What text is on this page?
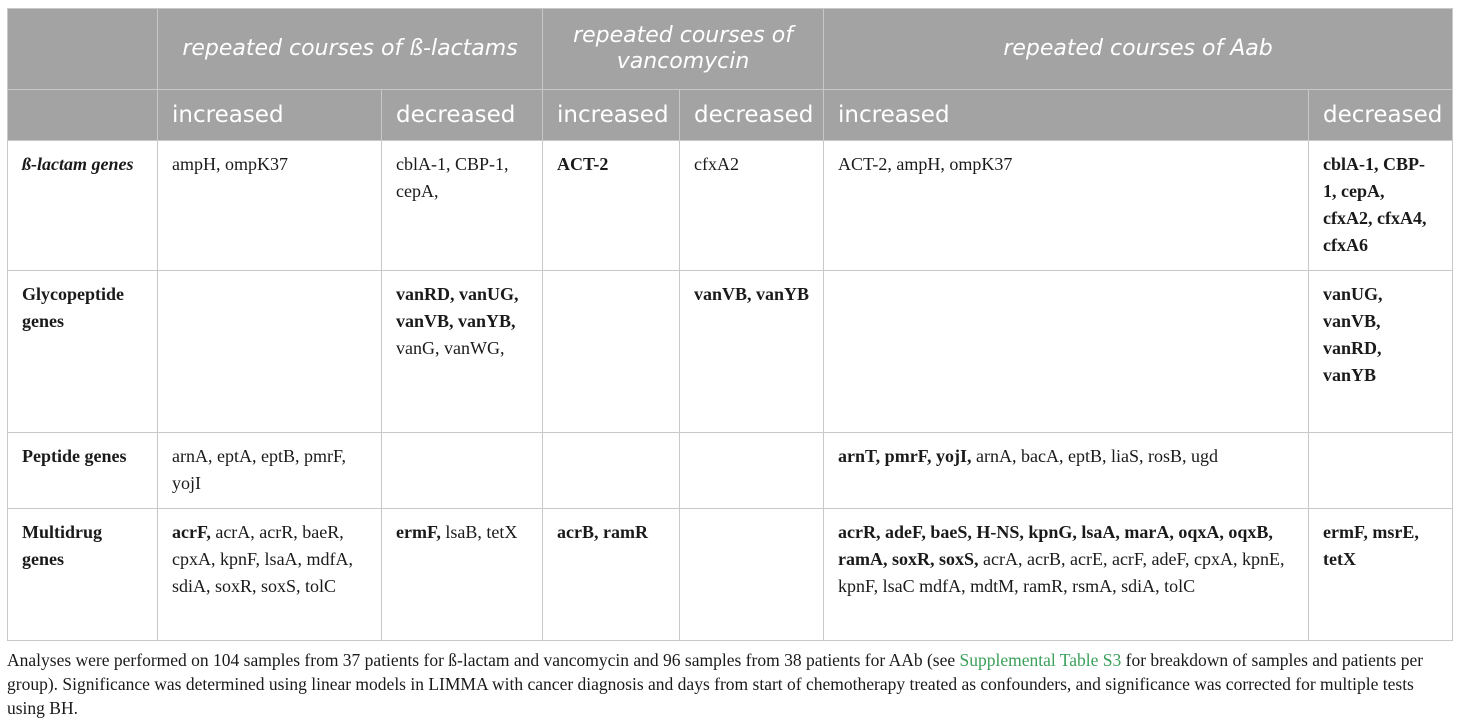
	repeated courses of ß-lactams		repeated courses of vancomycin		repeated courses of Aab	
	increased	decreased	increased	decreased	increased	decreased
ß-lactam genes	ampH, ompK37	cblA-1, CBP-1, cepA,	ACT-2	cfxA2	ACT-2, ampH, ompK37	cblA-1, CBP-1, cepA, cfxA2, cfxA4, cfxA6
Glycopeptide genes		vanRD, vanUG, vanVB, vanYB, vanG, vanWG,		vanVB, vanYB		vanUG, vanVB, vanRD, vanYB
Peptide genes	arnA, eptA, eptB, pmrF, yojI				arnT, pmrF, yojI, arnA, bacA, eptB, liaS, rosB, ugd	
Multidrug genes	acrF, acrA, acrR, baeR, cpxA, kpnF, lsaA, mdfA, sdiA, soxR, soxS, tolC	ermF, lsaB, tetX	acrB, ramR		acrR, adeF, baeS, H-NS, kpnG, lsaA, marA, oqxA, oqxB, ramA, soxR, soxS, acrA, acrB, acrE, acrF, adeF, cpxA, kpnE, kpnF, lsaC mdfA, mdtM, ramR, rsmA, sdiA, tolC	ermF, msrE, tetX

Analyses were performed on 104 samples from 37 patients for ß-lactam and vancomycin and 96 samples from 38 patients for AAb (see Supplemental Table S3 for breakdown of samples and patients per group). Significance was determined using linear models in LIMMA with cancer diagnosis and days from start of chemotherapy treated as confounders, and significance was corrected for multiple tests using BH.
